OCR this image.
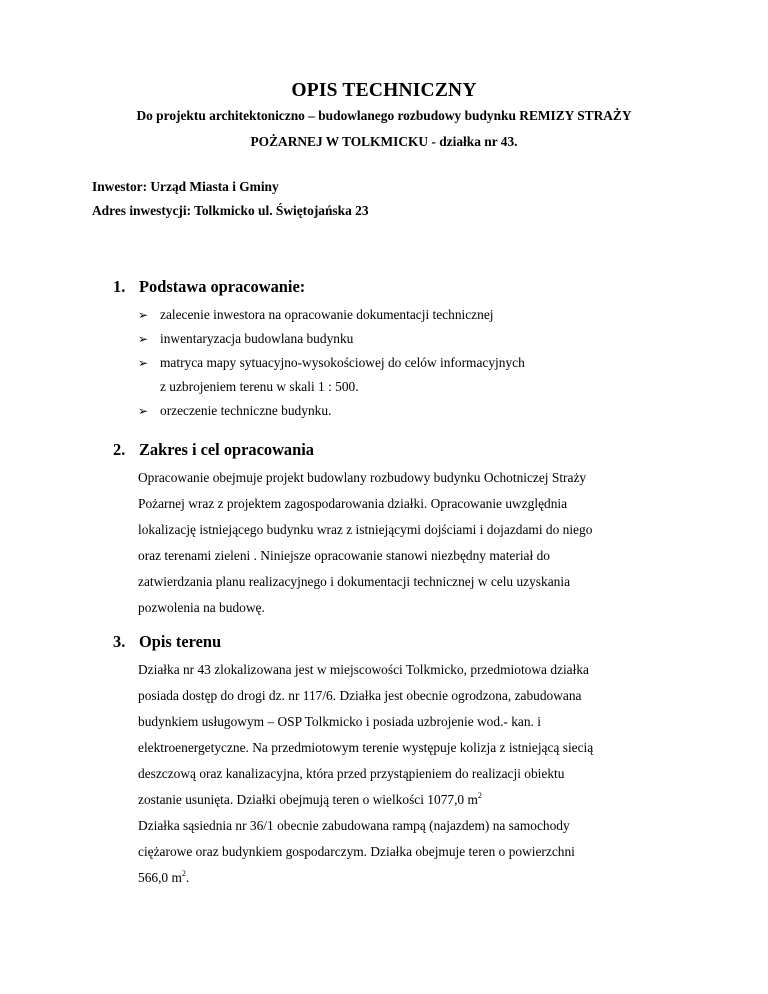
OPIS TECHNICZNY
Do projektu architektoniczno – budowlanego rozbudowy budynku REMIZY STRAŻY
POŻARNEJ W TOLKMICKU - działka nr 43.
Inwestor: Urząd Miasta i Gminy
Adres inwestycji: Tolkmicko ul. Świętojańska 23
1. Podstawa opracowanie:
➢ zalecenie inwestora na opracowanie dokumentacji technicznej
➢ inwentaryzacja budowlana budynku
➢ matryca mapy sytuacyjno-wysokościowej do celów informacyjnych
z uzbrojeniem terenu w skali 1 : 500.
➢ orzeczenie techniczne budynku.
2. Zakres i cel opracowania
Opracowanie obejmuje projekt budowlany rozbudowy budynku Ochotniczej Straży
Pożarnej wraz z projektem zagospodarowania działki. Opracowanie uwzględnia
lokalizację istniejącego budynku wraz z istniejącymi dojściami i dojazdami do niego
oraz terenami zieleni . Niniejsze opracowanie stanowi niezbędny materiał do
zatwierdzania planu realizacyjnego i dokumentacji technicznej w celu uzyskania
pozwolenia na budowę.
3. Opis terenu
Działka nr 43 zlokalizowana jest w miejscowości Tolkmicko, przedmiotowa działka
posiada dostęp do drogi dz. nr 117/6. Działka jest obecnie ogrodzona, zabudowana
budynkiem usługowym – OSP Tolkmicko i posiada uzbrojenie wod.- kan. i
elektroenergetyczne. Na przedmiotowym terenie występuje kolizja z istniejącą siecią
deszczową oraz kanalizacyjna, która przed przystąpieniem do realizacji obiektu
zostanie usunięta. Działki obejmują teren o wielkości 1077,0 $m^2$
Działka sąsiednia nr 36/1 obecnie zabudowana rampą (najazdem) na samochody
ciężarowe oraz budynkiem gospodarczym. Działka obejmuje teren o powierzchni
566,0 $m^2$.
